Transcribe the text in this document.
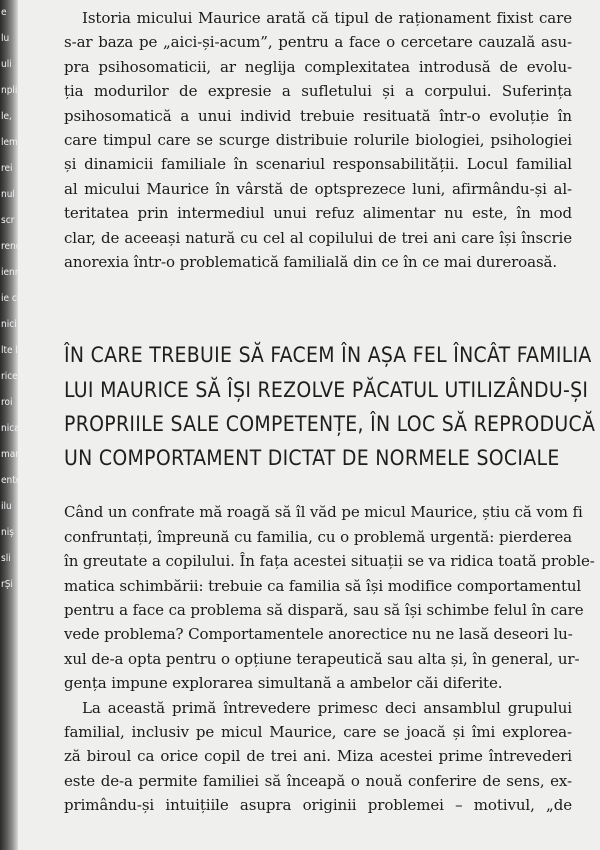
e
lu
uli
npli
le,
lem
rei
nul
scr
reno
ienn
ie ci
nici
lte li
rice i
roi
nica
mar
ente
ilu
niș
sli
rȘi
Istoria micului Maurice arată că tipul de raționament fixist care
s-ar baza pe „aici-și-acum”, pentru a face o cercetare cauzală asu-
pra psihosomaticii, ar neglija complexitatea introdusă de evolu-
ția modurilor de expresie a sufletului și a corpului. Suferința
psihosomatică a unui individ trebuie resituată într-o evoluție în
care timpul care se scurge distribuie rolurile biologiei, psihologiei
și dinamicii familiale în scenariul responsabilității. Locul familial
al micului Maurice în vârstă de optsprezece luni, afirmându-și al-
teritatea prin intermediul unui refuz alimentar nu este, în mod
clar, de aceeași natură cu cel al copilului de trei ani care își înscrie
anorexia într-o problematică familială din ce în ce mai dureroasă.
ÎN CARE TREBUIE SĂ FACEM ÎN AȘA FEL ÎNCÂT FAMILIA
LUI MAURICE SĂ ÎȘI REZOLVE PĂCATUL UTILIZÂNDU-ȘI
PROPRIILE SALE COMPETENȚE, ÎN LOC SĂ REPRODUCĂ
UN COMPORTAMENT DICTAT DE NORMELE SOCIALE
Când un confrate mă roagă să îl văd pe micul Maurice, știu că vom fi
confruntați, împreună cu familia, cu o problemă urgentă: pierderea
în greutate a copilului. În fața acestei situații se va ridica toată proble-
matica schimbării: trebuie ca familia să își modifice comportamentul
pentru a face ca problema să dispară, sau să își schimbe felul în care
vede problema? Comportamentele anorectice nu ne lasă deseori lu-
xul de-a opta pentru o opțiune terapeutică sau alta și, în general, ur-
gența impune explorarea simultană a ambelor căi diferite.
La această primă întrevedere primesc deci ansamblul grupului
familial, inclusiv pe micul Maurice, care se joacă și îmi explorea-
ză biroul ca orice copil de trei ani. Miza acestei prime întrevederi
este de-a permite familiei să înceapă o nouă conferire de sens, ex-
primându-și intuițiile asupra originii problemei – motivul, „de
